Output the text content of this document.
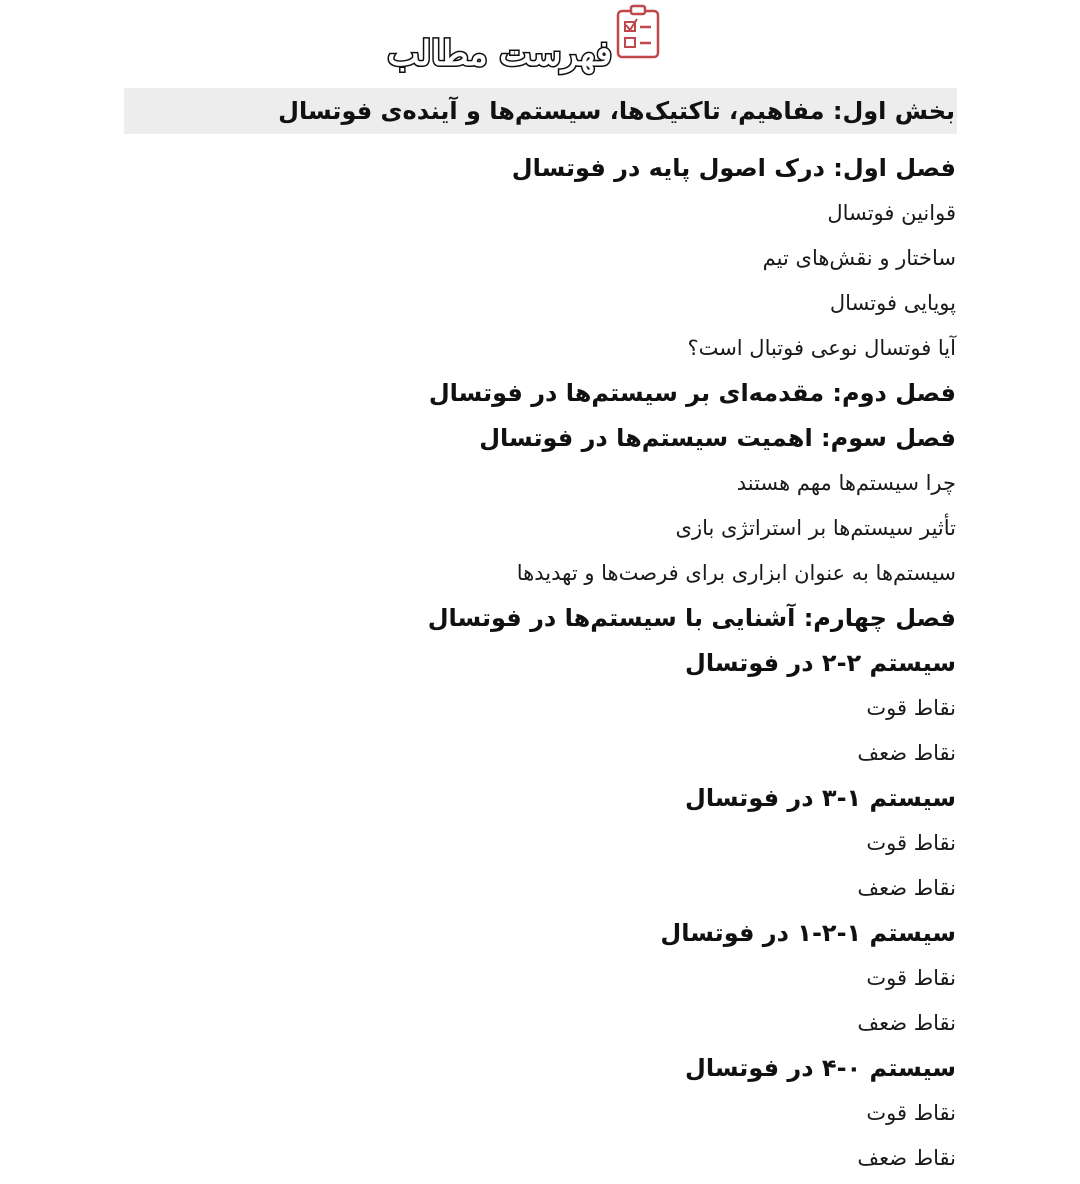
فهرست مطالب
بخش اول: مفاهیم، تاکتیک‌ها، سیستم‌ها و آینده‌ی فوتسال
فصل اول: درک اصول پایه در فوتسال
قوانین فوتسال
ساختار و نقش‌های تیم
پویایی فوتسال
آیا فوتسال نوعی فوتبال است؟
فصل دوم: مقدمه‌ای بر سیستم‌ها در فوتسال
فصل سوم: اهمیت سیستم‌ها در فوتسال
چرا سیستم‌ها مهم هستند
تأثیر سیستم‌ها بر استراتژی بازی
سیستم‌ها به عنوان ابزاری برای فرصت‌ها و تهدیدها
فصل چهارم: آشنایی با سیستم‌ها در فوتسال
سیستم ۲-۲ در فوتسال
نقاط قوت
نقاط ضعف
سیستم ۱-۳ در فوتسال
نقاط قوت
نقاط ضعف
سیستم ۱-۲-۱ در فوتسال
نقاط قوت
نقاط ضعف
سیستم ۰-۴ در فوتسال
نقاط قوت
نقاط ضعف
